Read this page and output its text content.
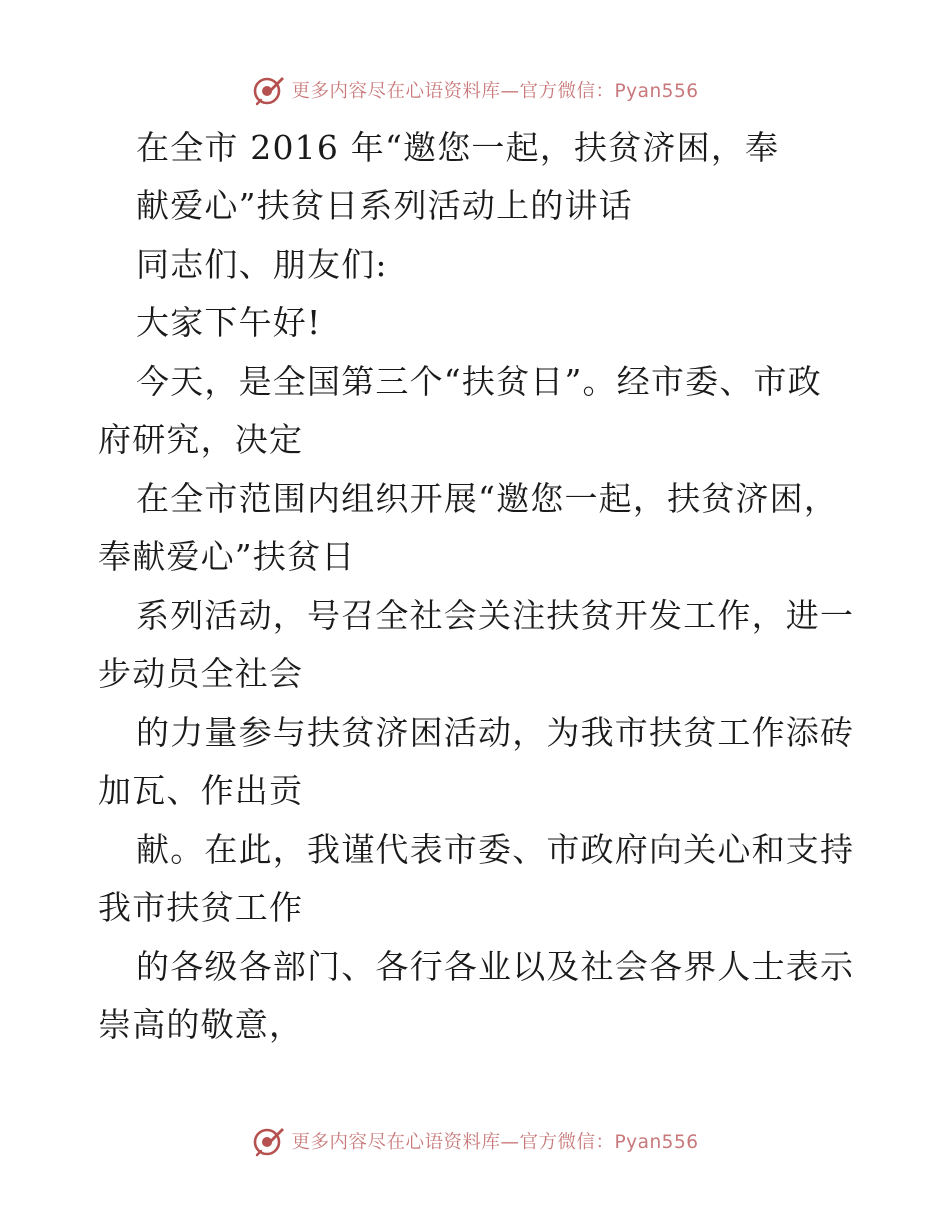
更多内容尽在心语资料库—官方微信：Pyan556
在全市 2016 年“邀您一起，扶贫济困，奉
献爱心”扶贫日系列活动上的讲话
同志们、朋友们:
大家下午好!
今天，是全国第三个“扶贫日”。经市委、市政
府研究，决定
在全市范围内组织开展“邀您一起，扶贫济困，
奉献爱心”扶贫日
系列活动，号召全社会关注扶贫开发工作，进一
步动员全社会
的力量参与扶贫济困活动，为我市扶贫工作添砖
加瓦、作出贡
献。在此，我谨代表市委、市政府向关心和支持
我市扶贫工作
的各级各部门、各行各业以及社会各界人士表示
崇高的敬意，
更多内容尽在心语资料库—官方微信：Pyan556
